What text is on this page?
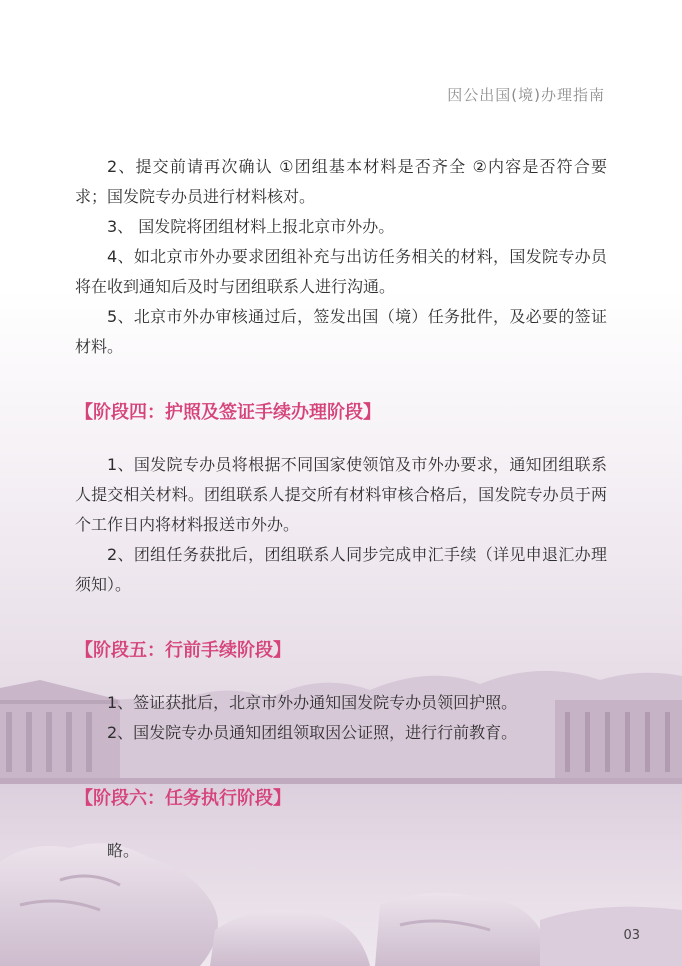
因公出国(境)办理指南

2、提交前请再次确认 ①团组基本材料是否齐全 ②内容是否符合要 求；国发院专办员进行材料核对。

3、 国发院将团组材料上报北京市外办。

4、如北京市外办要求团组补充与出访任务相关的材料，国发院专办员将在收到通知后及时与团组联系人进行沟通。

5、北京市外办审核通过后，签发出国（境）任务批件，及必要的签证材料。

【阶段四：护照及签证手续办理阶段】

1、国发院专办员将根据不同国家使领馆及市外办要求，通知团组联系人提交相关材料。团组联系人提交所有材料审核合格后，国发院专办员于两个工作日内将材料报送市外办。

2、团组任务获批后，团组联系人同步完成申汇手续（详见申退汇办理须知）。

【阶段五：行前手续阶段】

1、签证获批后，北京市外办通知国发院专办员领回护照。

2、国发院专办员通知团组领取因公证照，进行行前教育。

【阶段六：任务执行阶段】

略。

03
